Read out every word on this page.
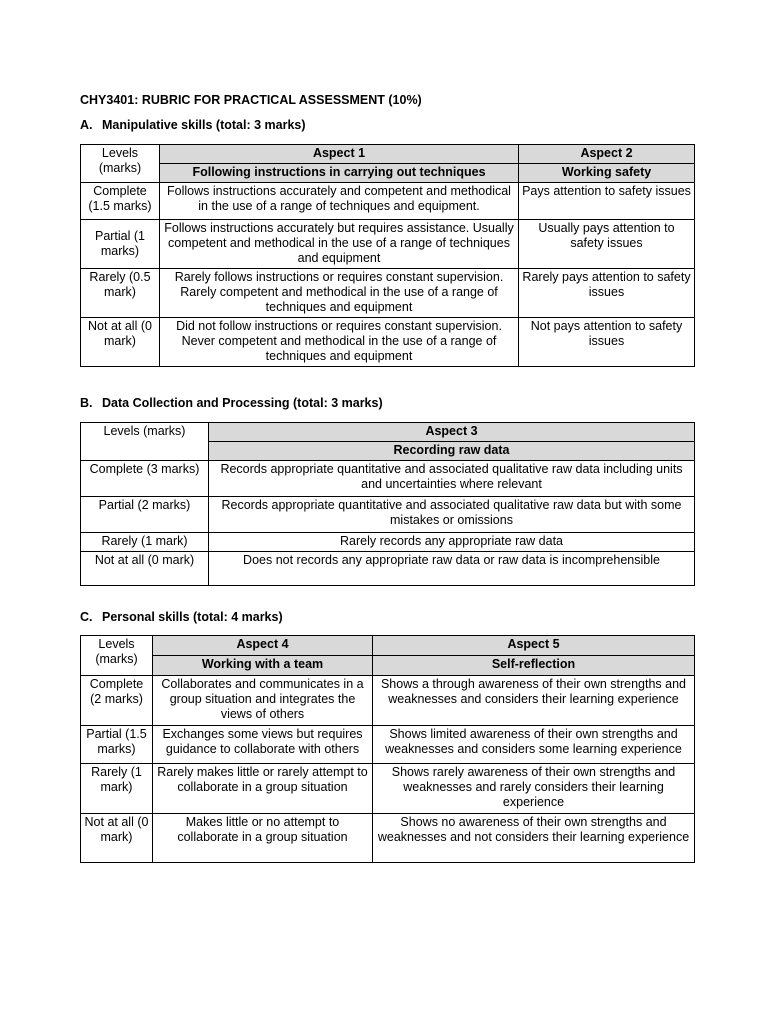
CHY3401: RUBRIC FOR PRACTICAL ASSESSMENT (10%)
A. Manipulative skills (total: 3 marks)
Levels (marks)	Aspect 1	Aspect 2
	Following instructions in carrying out techniques	Working safety
Complete (1.5 marks)	Follows instructions accurately and competent and methodical in the use of a range of techniques and equipment.	Pays attention to safety issues
Partial (1 marks)	Follows instructions accurately but requires assistance. Usually competent and methodical in the use of a range of techniques and equipment	Usually pays attention to safety issues
Rarely (0.5 mark)	Rarely follows instructions or requires constant supervision. Rarely competent and methodical in the use of a range of techniques and equipment	Rarely pays attention to safety issues
Not at all (0 mark)	Did not follow instructions or requires constant supervision. Never competent and methodical in the use of a range of techniques and equipment	Not pays attention to safety issues
B. Data Collection and Processing (total: 3 marks)
Levels (marks)	Aspect 3
	Recording raw data
Complete (3 marks)	Records appropriate quantitative and associated qualitative raw data including units and uncertainties where relevant
Partial (2 marks)	Records appropriate quantitative and associated qualitative raw data but with some mistakes or omissions
Rarely (1 mark)	Rarely records any appropriate raw data
Not at all (0 mark)	Does not records any appropriate raw data or raw data is incomprehensible
C. Personal skills (total: 4 marks)
Levels (marks)	Aspect 4	Aspect 5
	Working with a team	Self-reflection
Complete (2 marks)	Collaborates and communicates in a group situation and integrates the views of others	Shows a through awareness of their own strengths and weaknesses and considers their learning experience
Partial (1.5 marks)	Exchanges some views but requires guidance to collaborate with others	Shows limited awareness of their own strengths and weaknesses and considers some learning experience
Rarely (1 mark)	Rarely makes little or rarely attempt to collaborate in a group situation	Shows rarely awareness of their own strengths and weaknesses and rarely considers their learning experience
Not at all (0 mark)	Makes little or no attempt to collaborate in a group situation	Shows no awareness of their own strengths and weaknesses and not considers their learning experience
